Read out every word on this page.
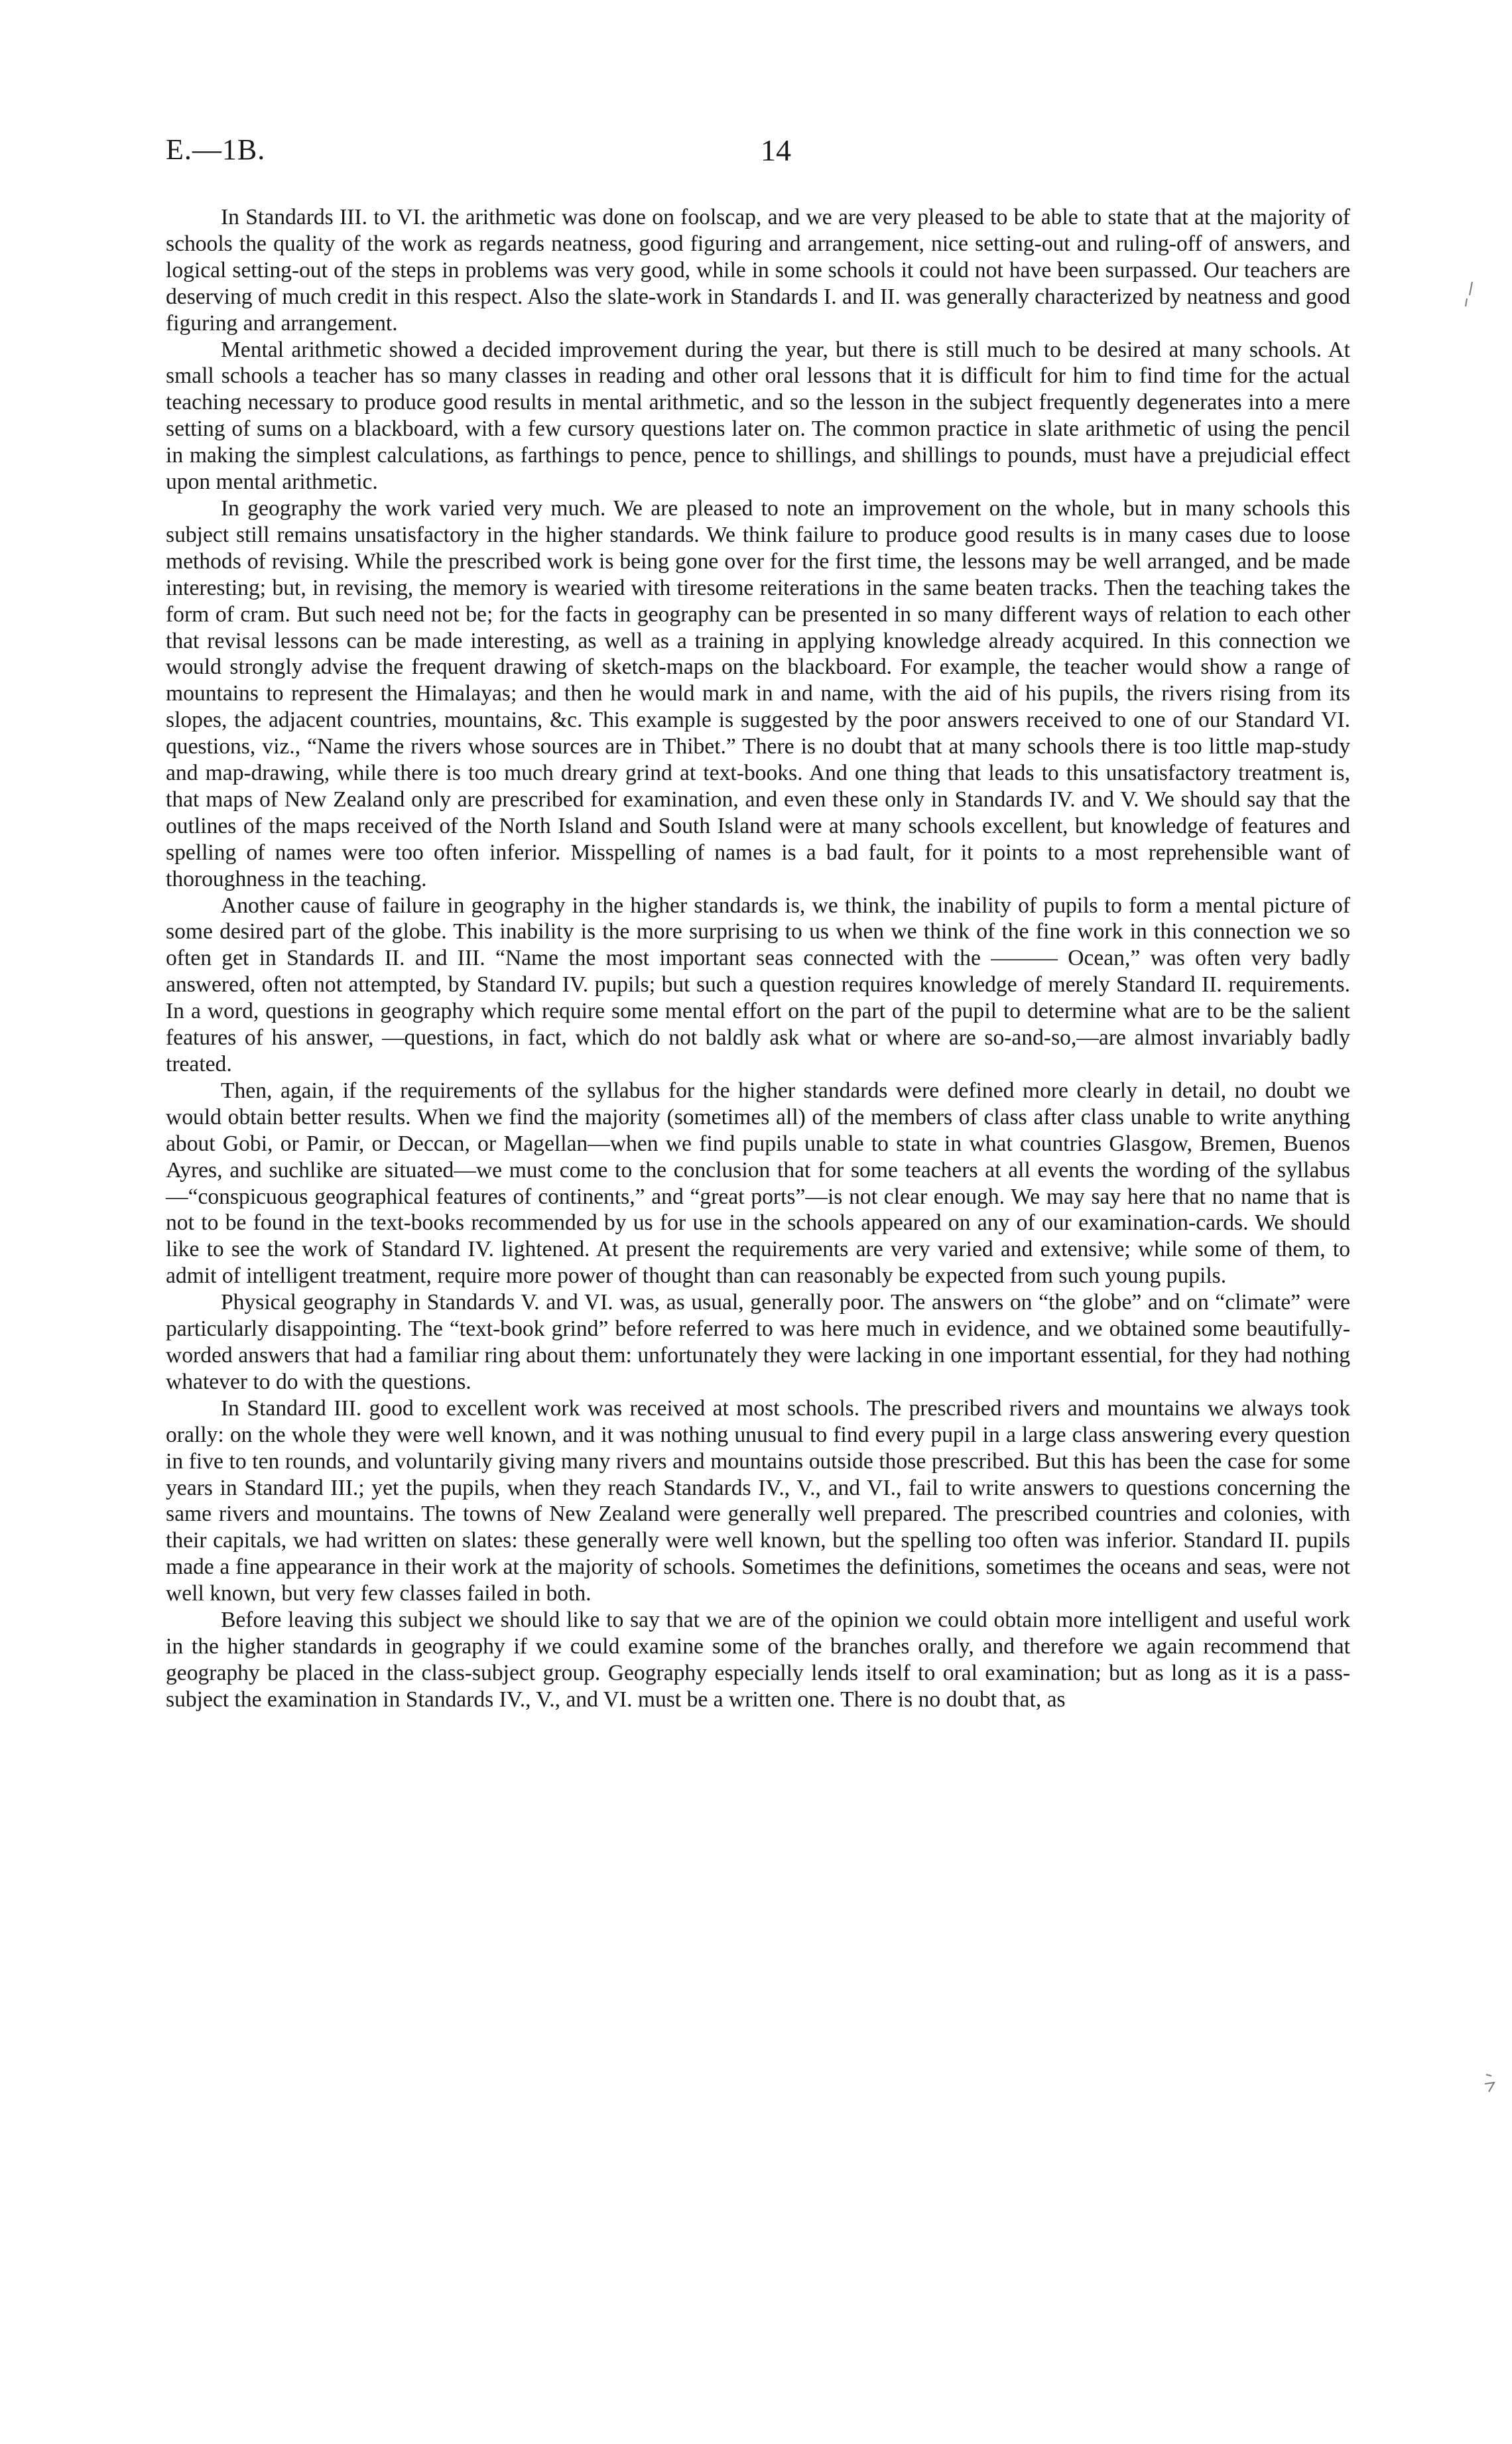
E.—1B.	14

In Standards III. to VI. the arithmetic was done on foolscap, and we are very pleased to be able to state that at the majority of schools the quality of the work as regards neatness, good figuring and arrangement, nice setting-out and ruling-off of answers, and logical setting-out of the steps in problems was very good, while in some schools it could not have been surpassed. Our teachers are deserving of much credit in this respect. Also the slate-work in Standards I. and II. was generally characterized by neatness and good figuring and arrangement.

Mental arithmetic showed a decided improvement during the year, but there is still much to be desired at many schools. At small schools a teacher has so many classes in reading and other oral lessons that it is difficult for him to find time for the actual teaching necessary to produce good results in mental arithmetic, and so the lesson in the subject frequently degenerates into a mere setting of sums on a blackboard, with a few cursory questions later on. The common practice in slate arithmetic of using the pencil in making the simplest calculations, as farthings to pence, pence to shillings, and shillings to pounds, must have a prejudicial effect upon mental arithmetic.

In geography the work varied very much. We are pleased to note an improvement on the whole, but in many schools this subject still remains unsatisfactory in the higher standards. We think failure to produce good results is in many cases due to loose methods of revising. While the prescribed work is being gone over for the first time, the lessons may be well arranged, and be made interesting; but, in revising, the memory is wearied with tiresome reiterations in the same beaten tracks. Then the teaching takes the form of cram. But such need not be; for the facts in geography can be presented in so many different ways of relation to each other that revisal lessons can be made interesting, as well as a training in applying knowledge already acquired. In this connection we would strongly advise the frequent drawing of sketch-maps on the blackboard. For example, the teacher would show a range of mountains to represent the Himalayas; and then he would mark in and name, with the aid of his pupils, the rivers rising from its slopes, the adjacent countries, mountains, &c. This example is suggested by the poor answers received to one of our Standard VI. questions, viz., “Name the rivers whose sources are in Thibet.” There is no doubt that at many schools there is too little map-study and map-drawing, while there is too much dreary grind at text-books. And one thing that leads to this unsatisfactory treatment is, that maps of New Zealand only are prescribed for examination, and even these only in Standards IV. and V. We should say that the outlines of the maps received of the North Island and South Island were at many schools excellent, but knowledge of features and spelling of names were too often inferior. Misspelling of names is a bad fault, for it points to a most reprehensible want of thoroughness in the teaching.

Another cause of failure in geography in the higher standards is, we think, the inability of pupils to form a mental picture of some desired part of the globe. This inability is the more surprising to us when we think of the fine work in this connection we so often get in Standards II. and III. “Name the most important seas connected with the ——— Ocean,” was often very badly answered, often not attempted, by Standard IV. pupils; but such a question requires knowledge of merely Standard II. requirements. In a word, questions in geography which require some mental effort on the part of the pupil to determine what are to be the salient features of his answer, —questions, in fact, which do not baldly ask what or where are so-and-so,—are almost invariably badly treated.

Then, again, if the requirements of the syllabus for the higher standards were defined more clearly in detail, no doubt we would obtain better results. When we find the majority (sometimes all) of the members of class after class unable to write anything about Gobi, or Pamir, or Deccan, or Magellan—when we find pupils unable to state in what countries Glasgow, Bremen, Buenos Ayres, and suchlike are situated—we must come to the conclusion that for some teachers at all events the wording of the syllabus—“conspicuous geographical features of continents,” and “great ports”—is not clear enough. We may say here that no name that is not to be found in the text-books recommended by us for use in the schools appeared on any of our examination-cards. We should like to see the work of Standard IV. lightened. At present the requirements are very varied and extensive; while some of them, to admit of intelligent treatment, require more power of thought than can reasonably be expected from such young pupils.

Physical geography in Standards V. and VI. was, as usual, generally poor. The answers on “the globe” and on “climate” were particularly disappointing. The “text-book grind” before referred to was here much in evidence, and we obtained some beautifully-worded answers that had a familiar ring about them: unfortunately they were lacking in one important essential, for they had nothing whatever to do with the questions.

In Standard III. good to excellent work was received at most schools. The prescribed rivers and mountains we always took orally: on the whole they were well known, and it was nothing unusual to find every pupil in a large class answering every question in five to ten rounds, and voluntarily giving many rivers and mountains outside those prescribed. But this has been the case for some years in Standard III.; yet the pupils, when they reach Standards IV., V., and VI., fail to write answers to questions concerning the same rivers and mountains. The towns of New Zealand were generally well prepared. The prescribed countries and colonies, with their capitals, we had written on slates: these generally were well known, but the spelling too often was inferior. Standard II. pupils made a fine appearance in their work at the majority of schools. Sometimes the definitions, sometimes the oceans and seas, were not well known, but very few classes failed in both.

Before leaving this subject we should like to say that we are of the opinion we could obtain more intelligent and useful work in the higher standards in geography if we could examine some of the branches orally, and therefore we again recommend that geography be placed in the class-subject group. Geography especially lends itself to oral examination; but as long as it is a pass-subject the examination in Standards IV., V., and VI. must be a written one. There is no doubt that, as
